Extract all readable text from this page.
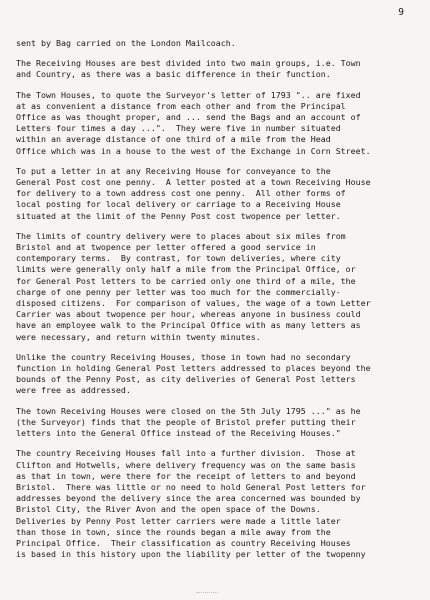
9

sent by Bag carried on the London Mailcoach.

The Receiving Houses are best divided into two main groups, i.e. Town
and Country, as there was a basic difference in their function.

The Town Houses, to quote the Surveyor's letter of 1793 ".. are fixed
at as convenient a distance from each other and from the Principal
Office as was thought proper, and ... send the Bags and an account of
Letters four times a day ...".  They were five in number situated
within an average distance of one third of a mile from the Head
Office which was in a house to the west of the Exchange in Corn Street.

To put a letter in at any Receiving House for conveyance to the
General Post cost one penny.  A letter posted at a town Receiving House
for delivery to a town address cost one penny.  All other forms of
local posting for local delivery or carriage to a Receiving House
situated at the limit of the Penny Post cost twopence per letter.

The limits of country delivery were to places about six miles from
Bristol and at twopence per letter offered a good service in
contemporary terms.  By contrast, for town deliveries, where city
limits were generally only half a mile from the Principal Office, or
for General Post letters to be carried only one third of a mile, the
charge of one penny per letter was too much for the commercially-
disposed citizens.  For comparison of values, the wage of a town Letter
Carrier was about twopence per hour, whereas anyone in business could
have an employee walk to the Principal Office with as many letters as
were necessary, and return within twenty minutes.

Unlike the country Receiving Houses, those in town had no secondary
function in holding General Post letters addressed to places beyond the
bounds of the Penny Post, as city deliveries of General Post letters
were free as addressed.

The town Receiving Houses were closed on the 5th July 1795 ..." as he
(the Surveyor) finds that the people of Bristol prefer putting their
letters into the General Office instead of the Receiving Houses."

The country Receiving Houses fall into a further division.  Those at
Clifton and Hotwells, where delivery frequency was on the same basis
as that in town, were there for the receipt of letters to and beyond
Bristol.  There was little or no need to hold General Post letters for
addresses beyond the delivery since the area concerned was bounded by
Bristol City, the River Avon and the open space of the Downs.
Deliveries by Penny Post letter carriers were made a little later
than those in town, since the rounds began a mile away from the
Principal Office.  Their classification as country Receiving Houses
is based in this history upon the liability per letter of the twopenny
